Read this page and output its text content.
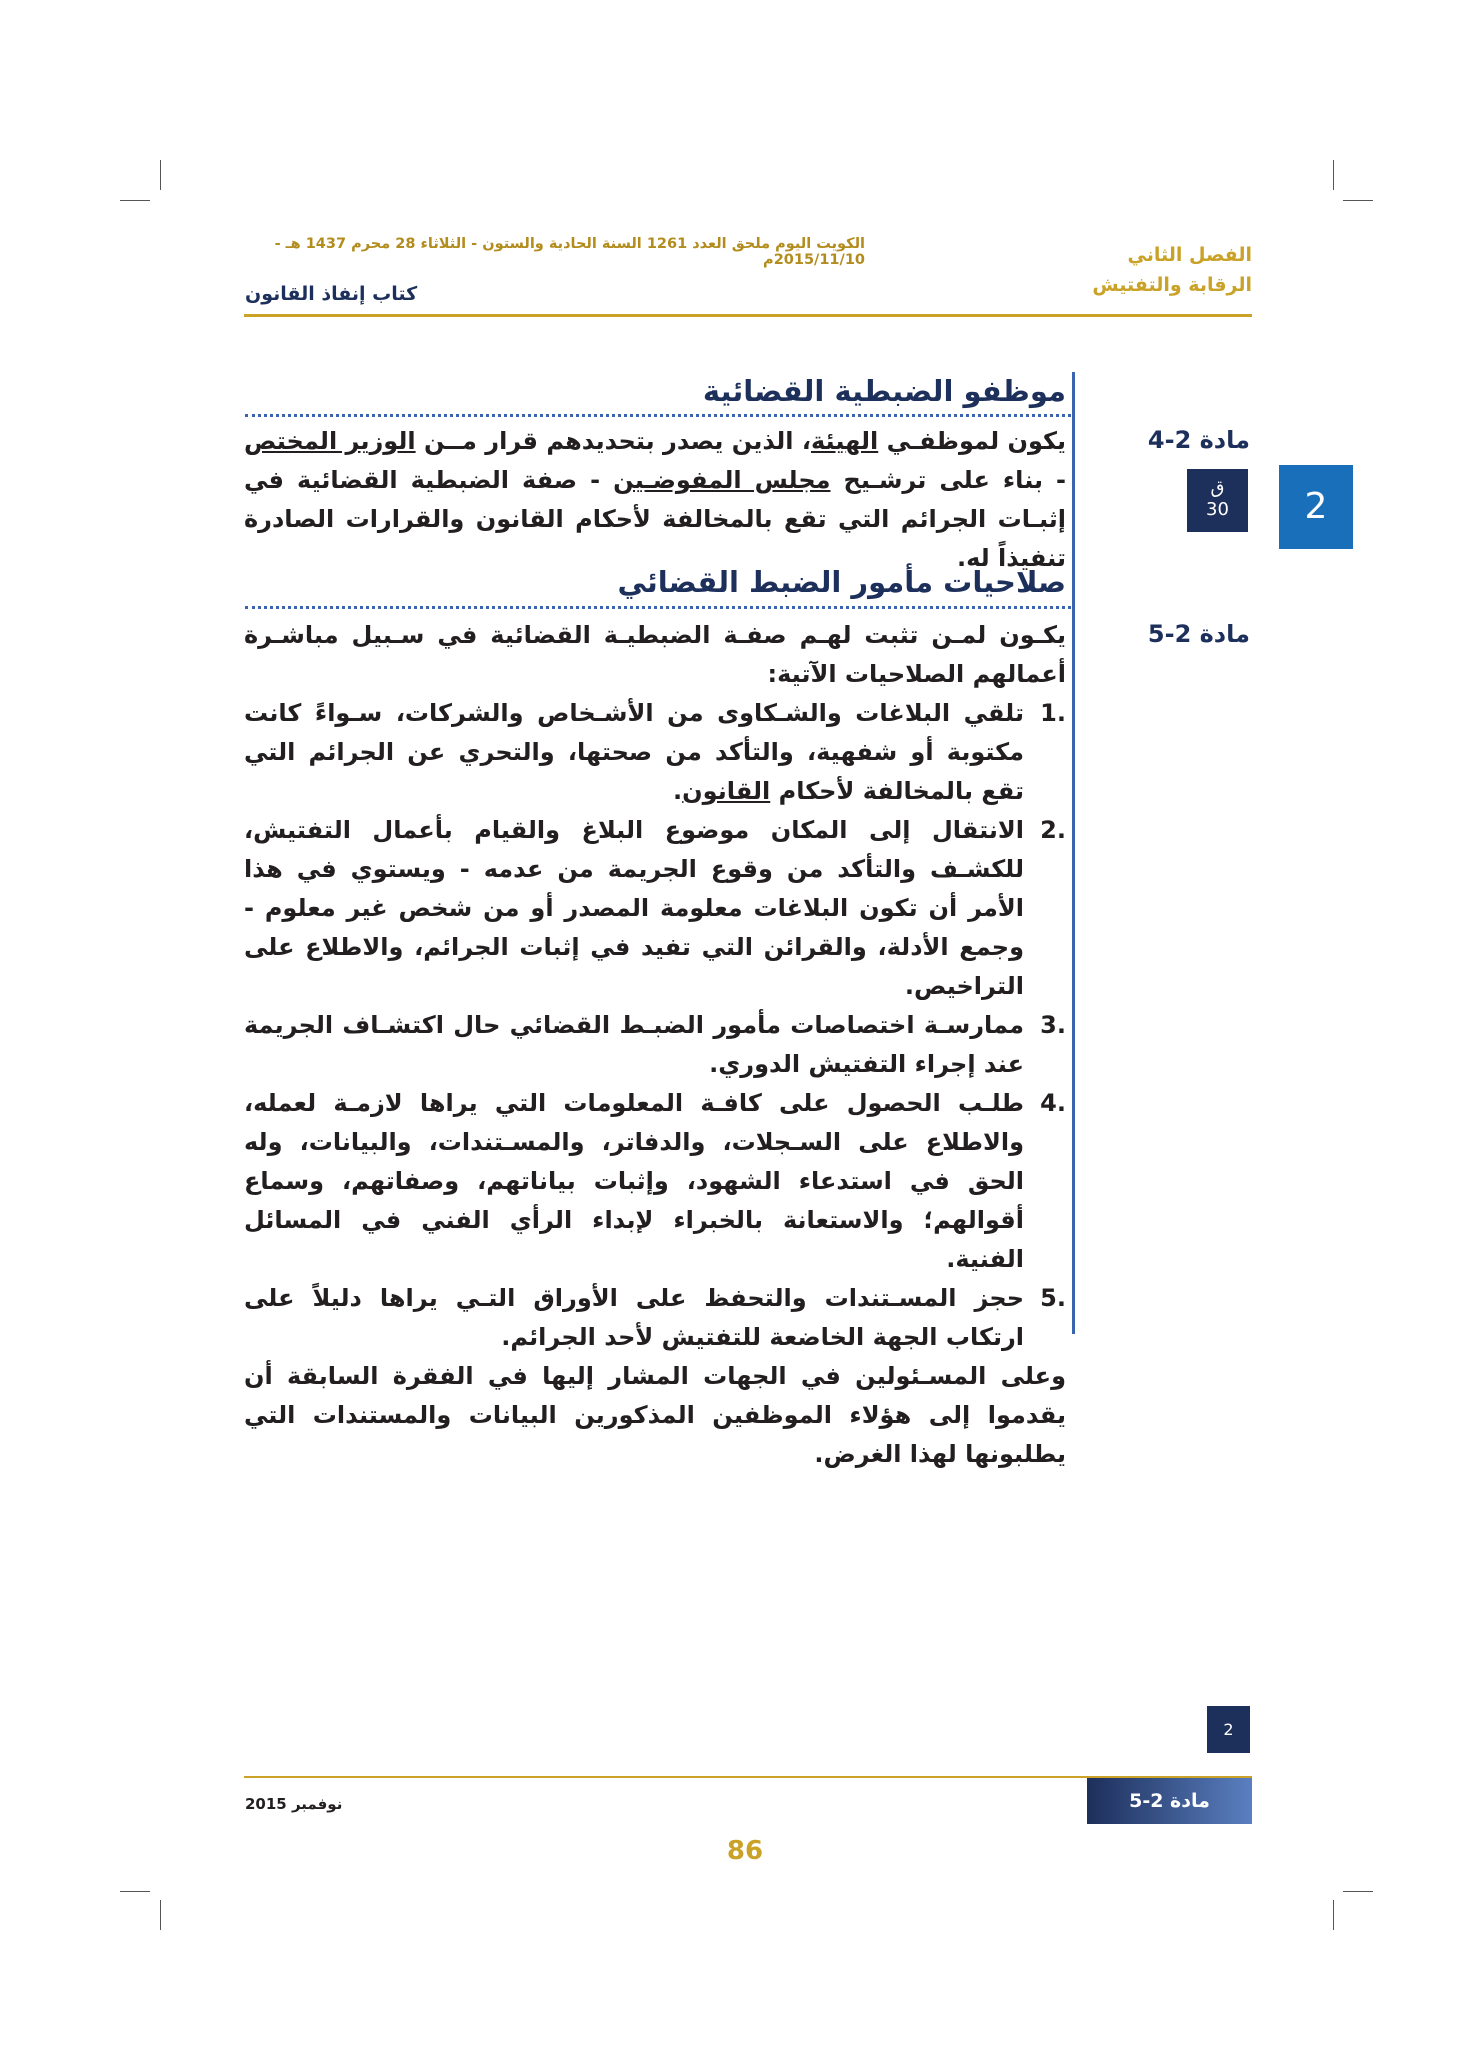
الكويت اليوم ملحق العدد 1261 السنة الحادية والستون - الثلاثاء 28 محرم 1437 هـ - 2015/11/10م	الفصل الثاني
الرقابة والتفتيش
كتاب إنفاذ القانون
ق
30	2
موظفو الضبطية القضائية
مادة 2-4
يكون لموظفـي الهيئة، الذين يصدر بتحديدهم قرار مــن الوزير المختص - بناء على ترشـيح مجلس المفوضـين - صفة الضبطية القضائية في إثبـات الجرائم التي تقع بالمخالفة لأحكام القانون والقرارات الصادرة تنفيذاً له.
صلاحيات مأمور الضبط القضائي
مادة 2-5
يكـون لمـن تثبت لهـم صفـة الضبطيـة القضائية في سـبيل مباشـرة أعمالهم الصلاحيات الآتية:
.1
تلقي البلاغات والشـكاوى من الأشـخاص والشركات، سـواءً كانت مكتوبة أو شفهية، والتأكد من صحتها، والتحري عن الجرائم التي تقع بالمخالفة لأحكام القانون.
.2
الانتقال إلى المكان موضوع البلاغ والقيام بأعمال التفتيش، للكشـف والتأكد من وقوع الجريمة من عدمه - ويستوي في هذا الأمر أن تكون البلاغات معلومة المصدر أو من شخص غير معلوم - وجمع الأدلة، والقرائن التي تفيد في إثبات الجرائم، والاطلاع على التراخيص.
.3
ممارسـة اختصاصات مأمور الضبـط القضائي حال اكتشـاف الجريمة عند إجراء التفتيش الدوري.
.4
طلـب الحصول على كافـة المعلومات التي يراها لازمـة لعمله، والاطلاع على السـجلات، والدفاتر، والمسـتندات، والبيانات، وله الحق في استدعاء الشهود، وإثبات بياناتهم، وصفاتهم، وسماع أقوالهم؛ والاستعانة بالخبراء لإبداء الرأي الفني في المسائل الفنية.
.5
حجز المسـتندات والتحفظ على الأوراق التـي يراها دليلاً على ارتكاب الجهة الخاضعة للتفتيش لأحد الجرائم.
وعلى المسـئولين في الجهات المشار إليها في الفقرة السابقة أن يقدموا إلى هؤلاء الموظفين المذكورين البيانات والمستندات التي يطلبونها لهذا الغرض.
2
نوفمبر 2015	مادة 2-5
86
